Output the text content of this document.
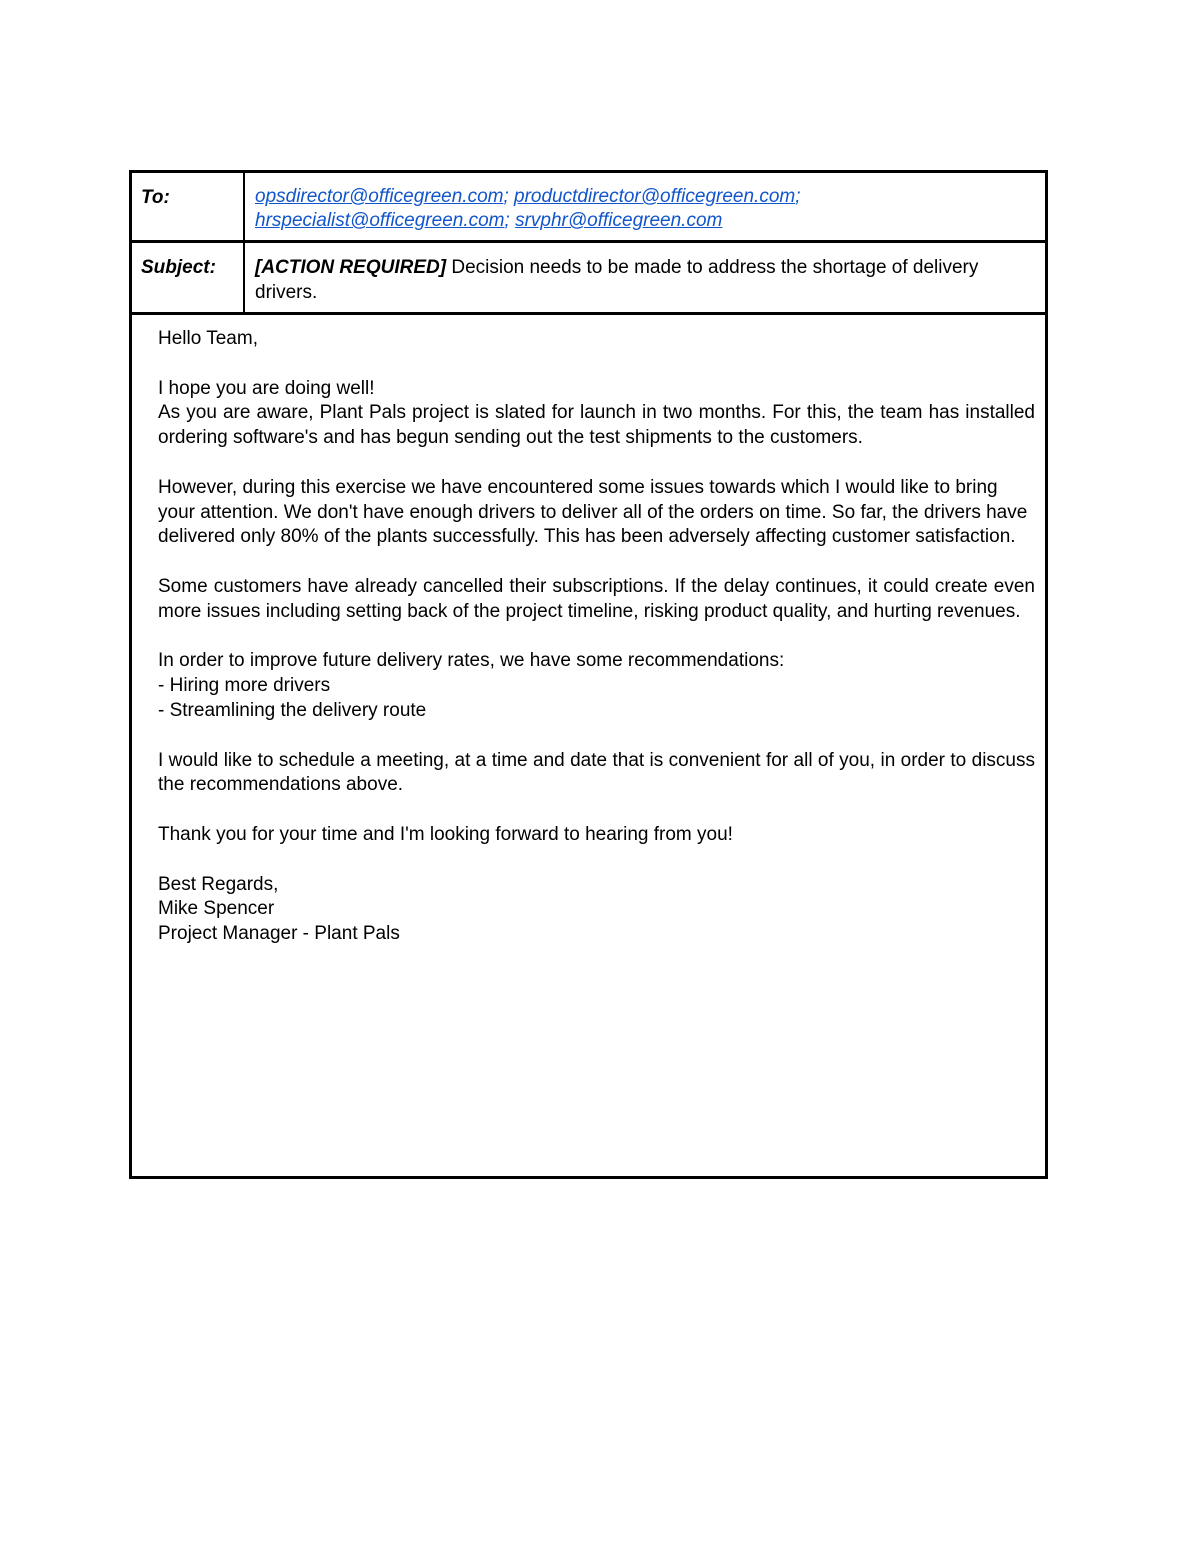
To:	opsdirector@officegreen.com; productdirector@officegreen.com;
hrspecialist@officegreen.com; srvphr@officegreen.com
Subject:	[ACTION REQUIRED] Decision needs to be made to address the shortage of delivery drivers.

Hello Team,

I hope you are doing well!
As you are aware, Plant Pals project is slated for launch in two months. For this, the team has installed ordering software's and has begun sending out the test shipments to the customers.

However, during this exercise we have encountered some issues towards which I would like to bring your attention. We don't have enough drivers to deliver all of the orders on time. So far, the drivers have delivered only 80% of the plants successfully. This has been adversely affecting customer satisfaction.

Some customers have already cancelled their subscriptions. If the delay continues, it could create even more issues including setting back of the project timeline, risking product quality, and hurting revenues.

In order to improve future delivery rates, we have some recommendations:
- Hiring more drivers
- Streamlining the delivery route

I would like to schedule a meeting, at a time and date that is convenient for all of you, in order to discuss the recommendations above.

Thank you for your time and I'm looking forward to hearing from you!

Best Regards,
Mike Spencer
Project Manager - Plant Pals
